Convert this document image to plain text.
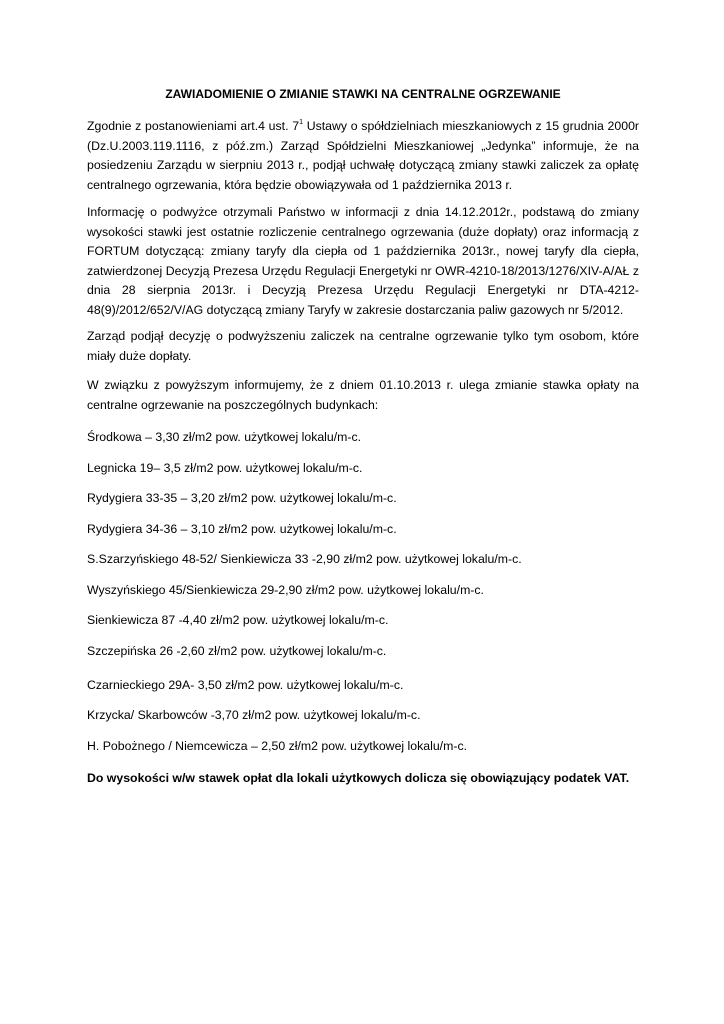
ZAWIADOMIENIE O ZMIANIE STAWKI NA CENTRALNE OGRZEWANIE
Zgodnie z postanowieniami art.4 ust. $7^1$ Ustawy o spółdzielniach mieszkaniowych z 15 grudnia 2000r
(Dz.U.2003.119.1116, z póź.zm.) Zarząd Spółdzielni Mieszkaniowej „Jedynka” informuje, że na
posiedzeniu Zarządu w sierpniu 2013 r., podjął uchwałę dotyczącą zmiany stawki zaliczek za opłatę
centralnego ogrzewania, która będzie obowiązywała od 1 października 2013 r.
Informację o podwyżce otrzymali Państwo w informacji z dnia 14.12.2012r., podstawą do zmiany
wysokości stawki jest ostatnie rozliczenie centralnego ogrzewania (duże dopłaty) oraz informacją z
FORTUM dotyczącą: zmiany taryfy dla ciepła od 1 października 2013r., nowej taryfy dla ciepła,
zatwierdzonej Decyzją Prezesa Urzędu Regulacji Energetyki nr OWR-4210-18/2013/1276/XIV-A/AŁ z
dnia 28 sierpnia 2013r. i Decyzją Prezesa Urzędu Regulacji Energetyki nr DTA-4212-
48(9)/2012/652/V/AG dotyczącą zmiany Taryfy w zakresie dostarczania paliw gazowych nr 5/2012.
Zarząd podjął decyzję o podwyższeniu zaliczek na centralne ogrzewanie tylko tym osobom, które
miały duże dopłaty.
W związku z powyższym informujemy, że z dniem 01.10.2013 r. ulega zmianie stawka opłaty na
centralne ogrzewanie na poszczególnych budynkach:
Środkowa – 3,30 zł/m2 pow. użytkowej lokalu/m-c.
Legnicka 19– 3,5 zł/m2 pow. użytkowej lokalu/m-c.
Rydygiera 33-35 – 3,20 zł/m2 pow. użytkowej lokalu/m-c.
Rydygiera 34-36 – 3,10 zł/m2 pow. użytkowej lokalu/m-c.
S.Szarzyńskiego 48-52/ Sienkiewicza 33 -2,90 zł/m2 pow. użytkowej lokalu/m-c.
Wyszyńskiego 45/Sienkiewicza 29-2,90 zł/m2 pow. użytkowej lokalu/m-c.
Sienkiewicza 87 -4,40 zł/m2 pow. użytkowej lokalu/m-c.
Szczepińska 26 -2,60 zł/m2 pow. użytkowej lokalu/m-c.
Czarnieckiego 29A- 3,50 zł/m2 pow. użytkowej lokalu/m-c.
Krzycka/ Skarbowców -3,70 zł/m2 pow. użytkowej lokalu/m-c.
H. Pobożnego / Niemcewicza – 2,50 zł/m2 pow. użytkowej lokalu/m-c.
Do wysokości w/w stawek opłat dla lokali użytkowych dolicza się obowiązujący podatek VAT.
